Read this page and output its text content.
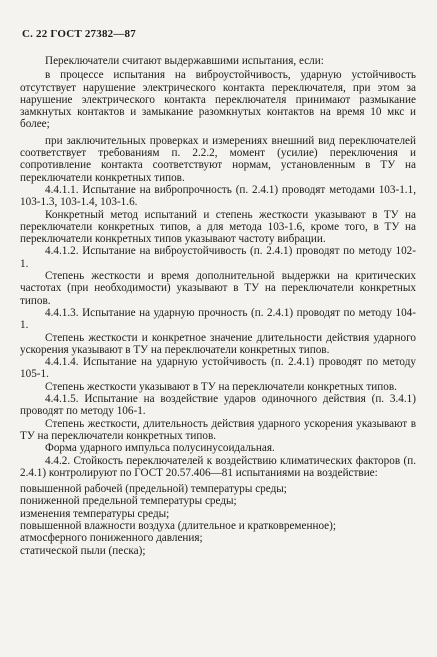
С. 22 ГОСТ 27382—87

Переключатели считают выдержавшими испытания, если:

в процессе испытания на виброустойчивость, ударную устойчивость отсутствует нарушение электрического контакта переключателя, при этом за нарушение электрического контакта переключателя принимают размыкание замкнутых контактов и замыкание разомкнутых контактов на время 10 мкс и более;

при заключительных проверках и измерениях внешний вид переключателей соответствует требованиям п. 2.2.2, момент (усилие) переключения и сопротивление контакта соответствуют нормам, установленным в ТУ на переключатели конкретных типов.

4.4.1.1. Испытание на вибропрочность (п. 2.4.1) проводят методами 103-1.1, 103-1.3, 103-1.4, 103-1.6.

Конкретный метод испытаний и степень жесткости указывают в ТУ на переключатели конкретных типов, а для метода 103-1.6, кроме того, в ТУ на переключатели конкретных типов указывают частоту вибрации.

4.4.1.2. Испытание на виброустойчивость (п. 2.4.1) проводят по методу 102-1.

Степень жесткости и время дополнительной выдержки на критических частотах (при необходимости) указывают в ТУ на переключатели конкретных типов.

4.4.1.3. Испытание на ударную прочность (п. 2.4.1) проводят по методу 104-1.

Степень жесткости и конкретное значение длительности действия ударного ускорения указывают в ТУ на переключатели конкретных типов.

4.4.1.4. Испытание на ударную устойчивость (п. 2.4.1) проводят по методу 105-1.

Степень жесткости указывают в ТУ на переключатели конкретных типов.

4.4.1.5. Испытание на воздействие ударов одиночного действия (п. 3.4.1) проводят по методу 106-1.

Степень жесткости, длительность действия ударного ускорения указывают в ТУ на переключатели конкретных типов.

Форма ударного импульса полусинусоидальная.

4.4.2. Стойкость переключателей к воздействию климатических факторов (п. 2.4.1) контролируют по ГОСТ 20.57.406—81 испытаниями на воздействие:

повышенной рабочей (предельной) температуры среды;

пониженной предельной температуры среды;

изменения температуры среды;

повышенной влажности воздуха (длительное и кратковременное);

атмосферного пониженного давления;

статической пыли (песка);
